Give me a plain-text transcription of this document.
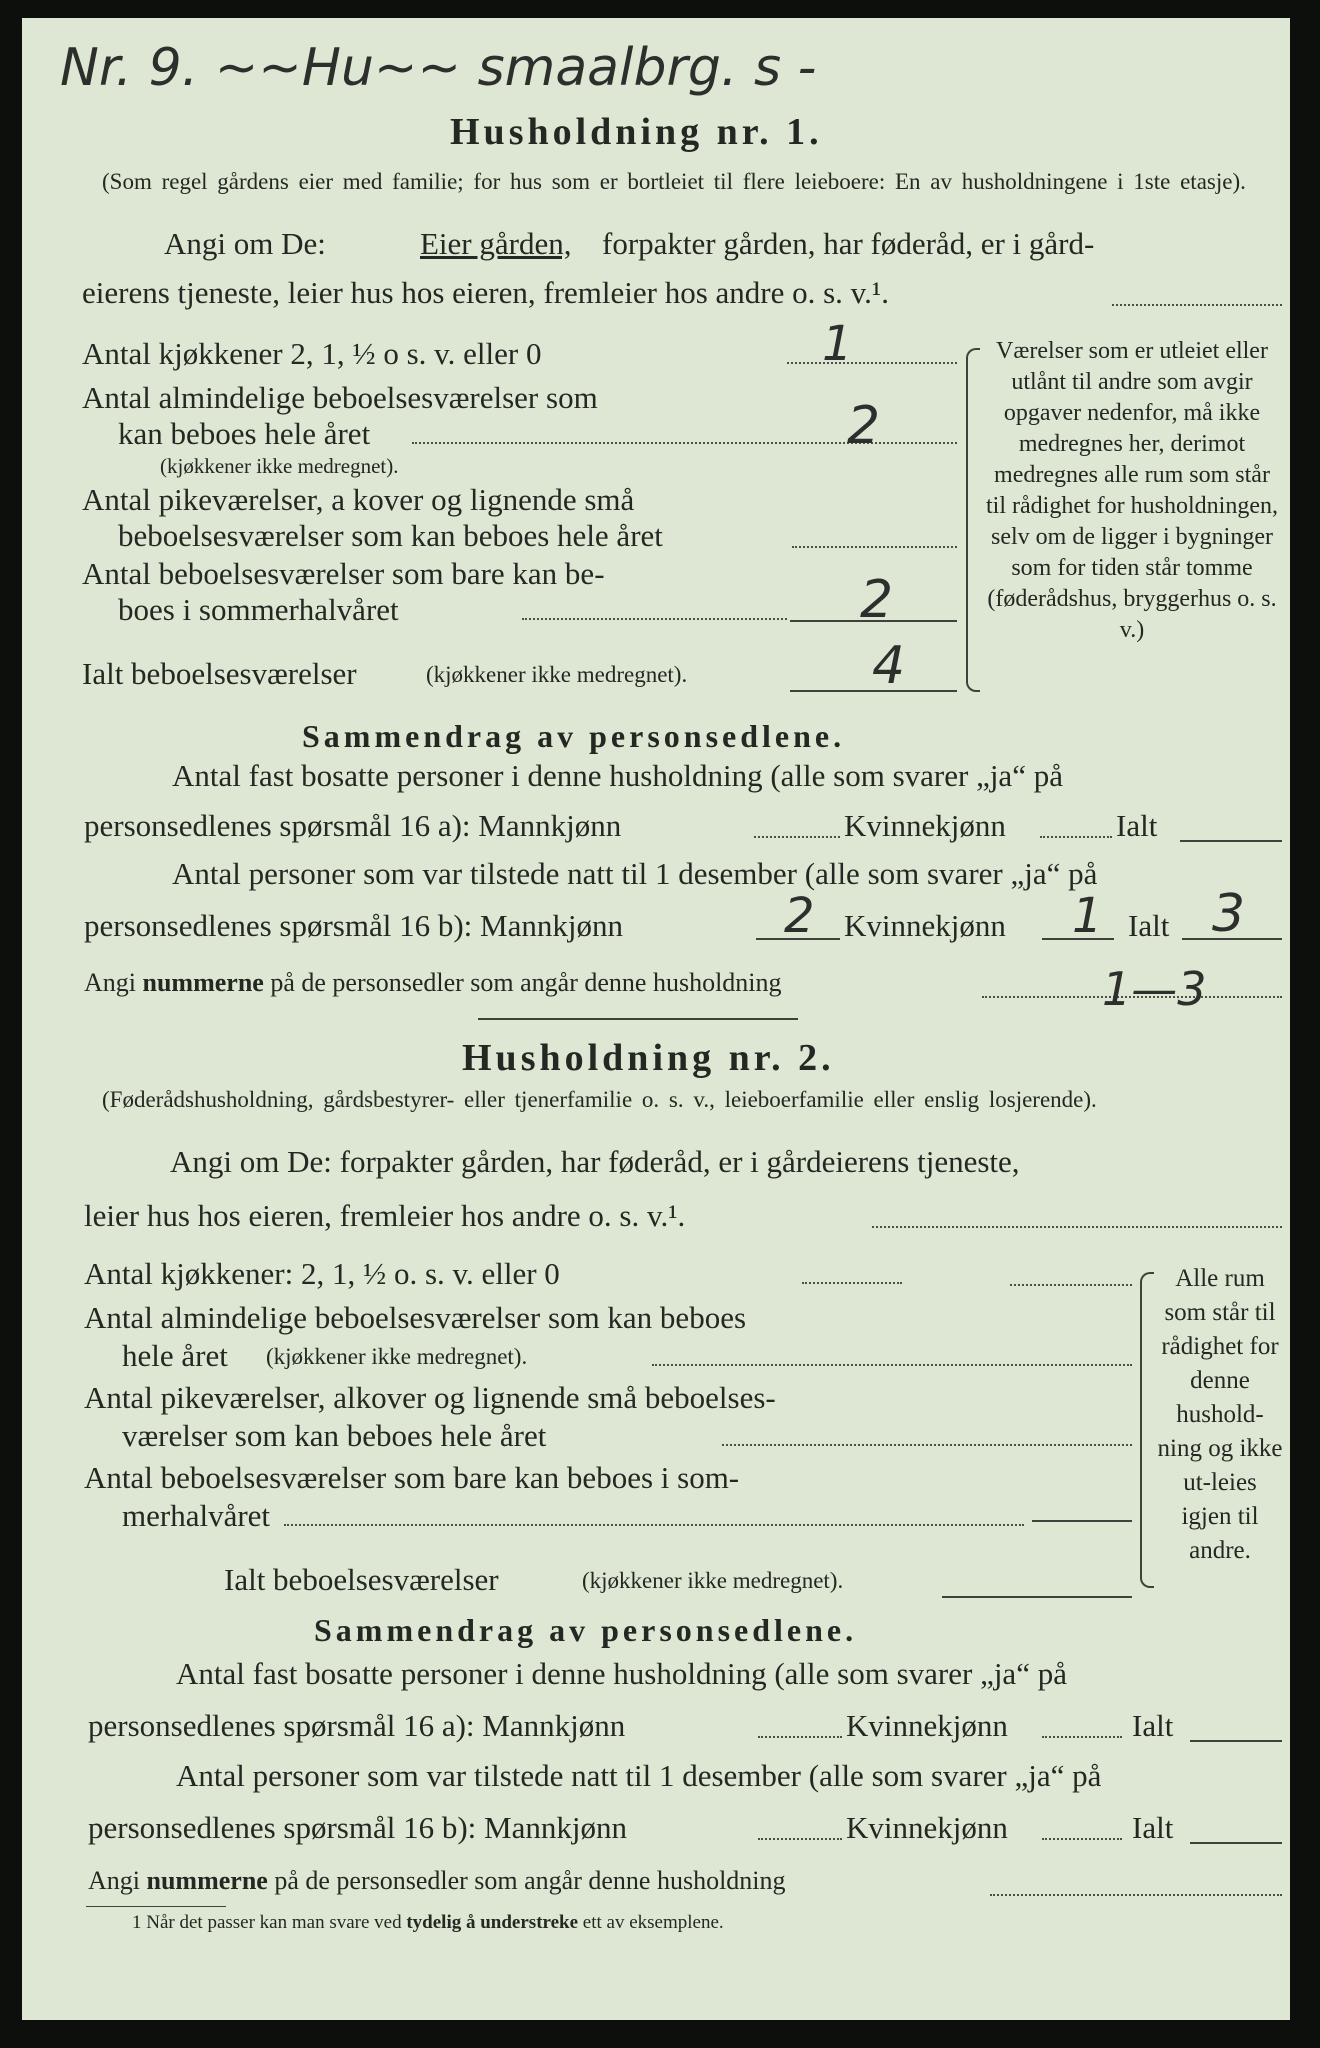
Nr. 9. ~~Hu~~ smaalbrg. s -
Husholdning nr. 1.
(Som regel gårdens eier med familie; for hus som er bortleiet til flere leieboere: En av husholdningene i 1ste etasje).
Angi om De:	Eier gården, forpakter gården, har føderåd, er i gård-
eierens tjeneste, leier hus hos eieren, fremleier hos andre o. s. v.¹.
Antal kjøkkener 2, 1, ½ o s. v. eller 0	1
Antal almindelige beboelsesværelser som
kan beboes hele året	2
(kjøkkener ikke medregnet).
Antal pikeværelser, a kover og lignende små
beboelsesværelser som kan beboes hele året
Antal beboelsesværelser som bare kan be-
boes i sommerhalvåret	2
Ialt beboelsesværelser	(kjøkkener ikke medregnet).	4
Værelser som er utleiet eller utlånt til andre som avgir opgaver nedenfor, må ikke medregnes her, derimot medregnes alle rum som står til rådighet for husholdningen, selv om de ligger i bygninger som for tiden står tomme (føderådshus, bryggerhus o. s. v.)
Sammendrag av personsedlene.
Antal fast bosatte personer i denne husholdning (alle som svarer „ja“ på
personsedlenes spørsmål 16 a): Mannkjønn	Kvinnekjønn	Ialt
Antal personer som var tilstede natt til 1 desember (alle som svarer „ja“ på
personsedlenes spørsmål 16 b): Mannkjønn	2 Kvinnekjønn 1 Ialt 3
Angi nummerne på de personsedler som angår denne husholdning	1—3
Husholdning nr. 2.
(Føderådshusholdning, gårdsbestyrer- eller tjenerfamilie o. s. v., leieboerfamilie eller enslig losjerende).
Angi om De: forpakter gården, har føderåd, er i gårdeierens tjeneste,
leier hus hos eieren, fremleier hos andre o. s. v.¹.
Antal kjøkkener: 2, 1, ½ o. s. v. eller 0
Antal almindelige beboelsesværelser som kan beboes
hele året (kjøkkener ikke medregnet).
Antal pikeværelser, alkover og lignende små beboelses-
værelser som kan beboes hele året
Antal beboelsesværelser som bare kan beboes i som-
merhalvåret
Ialt beboelsesværelser	(kjøkkener ikke medregnet).
Alle rum som står til rådighet for denne hushold-ning og ikke ut-leies igjen til andre.
Sammendrag av personsedlene.
Antal fast bosatte personer i denne husholdning (alle som svarer „ja“ på
personsedlenes spørsmål 16 a): Mannkjønn	Kvinnekjønn	Ialt
Antal personer som var tilstede natt til 1 desember (alle som svarer „ja“ på
personsedlenes spørsmål 16 b): Mannkjønn	Kvinnekjønn	Ialt
Angi nummerne på de personsedler som angår denne husholdning
1 Når det passer kan man svare ved tydelig å understreke ett av eksemplene.
